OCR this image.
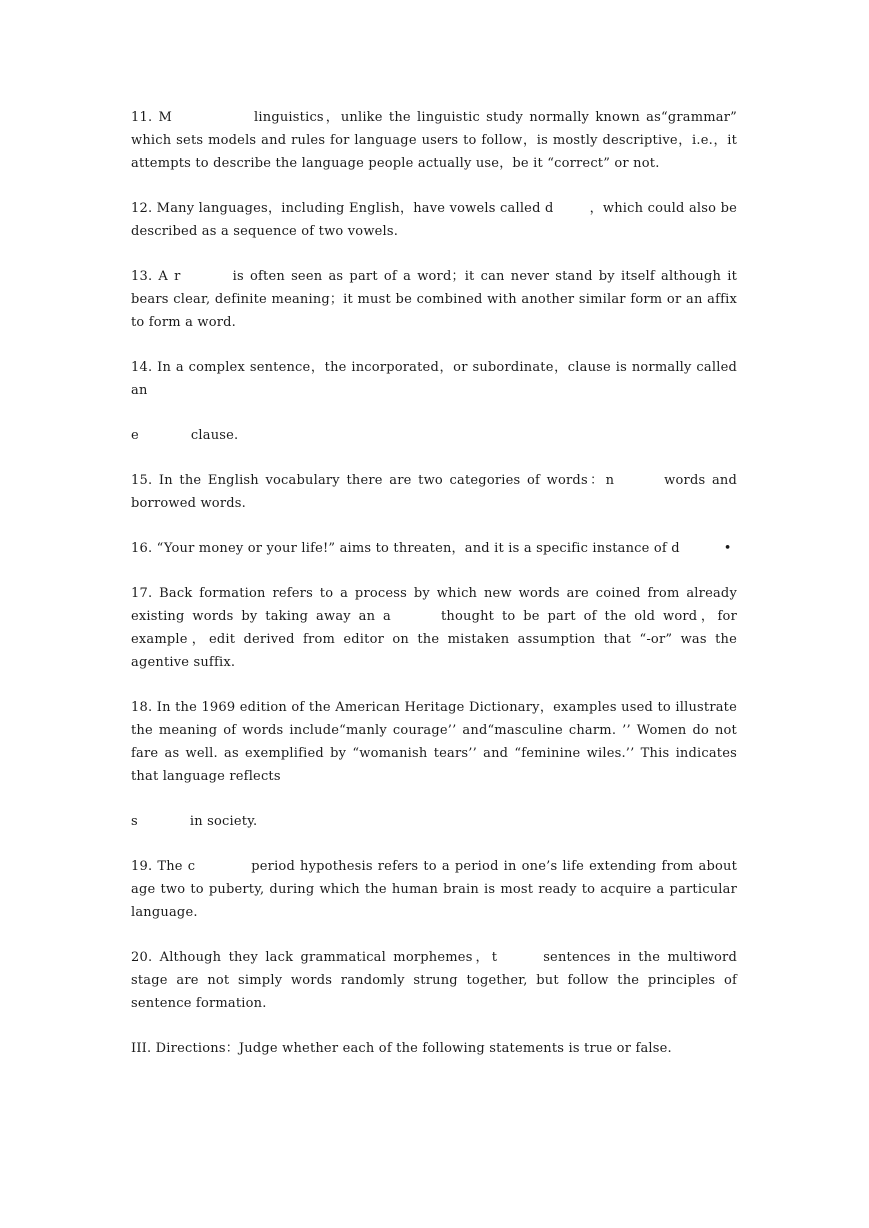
11. M	linguistics，unlike the linguistic study normally known as“grammar” which sets models and rules for language users to follow，is mostly descriptive，i.e.，it attempts to describe the language people actually use，be it “correct” or not.

12. Many languages，including English，have vowels called d	，which could also be described as a sequence of two vowels.

13. A r	is often seen as part of a word；it can never stand by itself although it bears clear, definite meaning；it must be combined with another similar form or an affix to form a word.

14. In a complex sentence，the incorporated，or subordinate，clause is normally called an

e	clause.

15. In the English vocabulary there are two categories of words：n	words and borrowed words.

16. “Your money or your life!” aims to threaten，and it is a specific instance of d	•

17. Back formation refers to a process by which new words are coined from already existing words by taking away an a	thought to be part of the old word，for example，edit derived from editor on the mistaken assumption that “-or” was the agentive suffix.

18. In the 1969 edition of the American Heritage Dictionary，examples used to illustrate the meaning of words include“manly courage’’ and“masculine charm. ’’ Women do not fare as well. as exemplified by “womanish tears’’ and “feminine wiles.’’ This indicates that language reflects

s	in society.

19. The c	period hypothesis refers to a period in one’s life extending from about age two to puberty, during which the human brain is most ready to acquire a particular language.

20. Although they lack grammatical morphemes，t	sentences in the multiword stage are not simply words randomly strung together, but follow the principles of sentence formation.

III. Directions：Judge whether each of the following statements is true or false.
